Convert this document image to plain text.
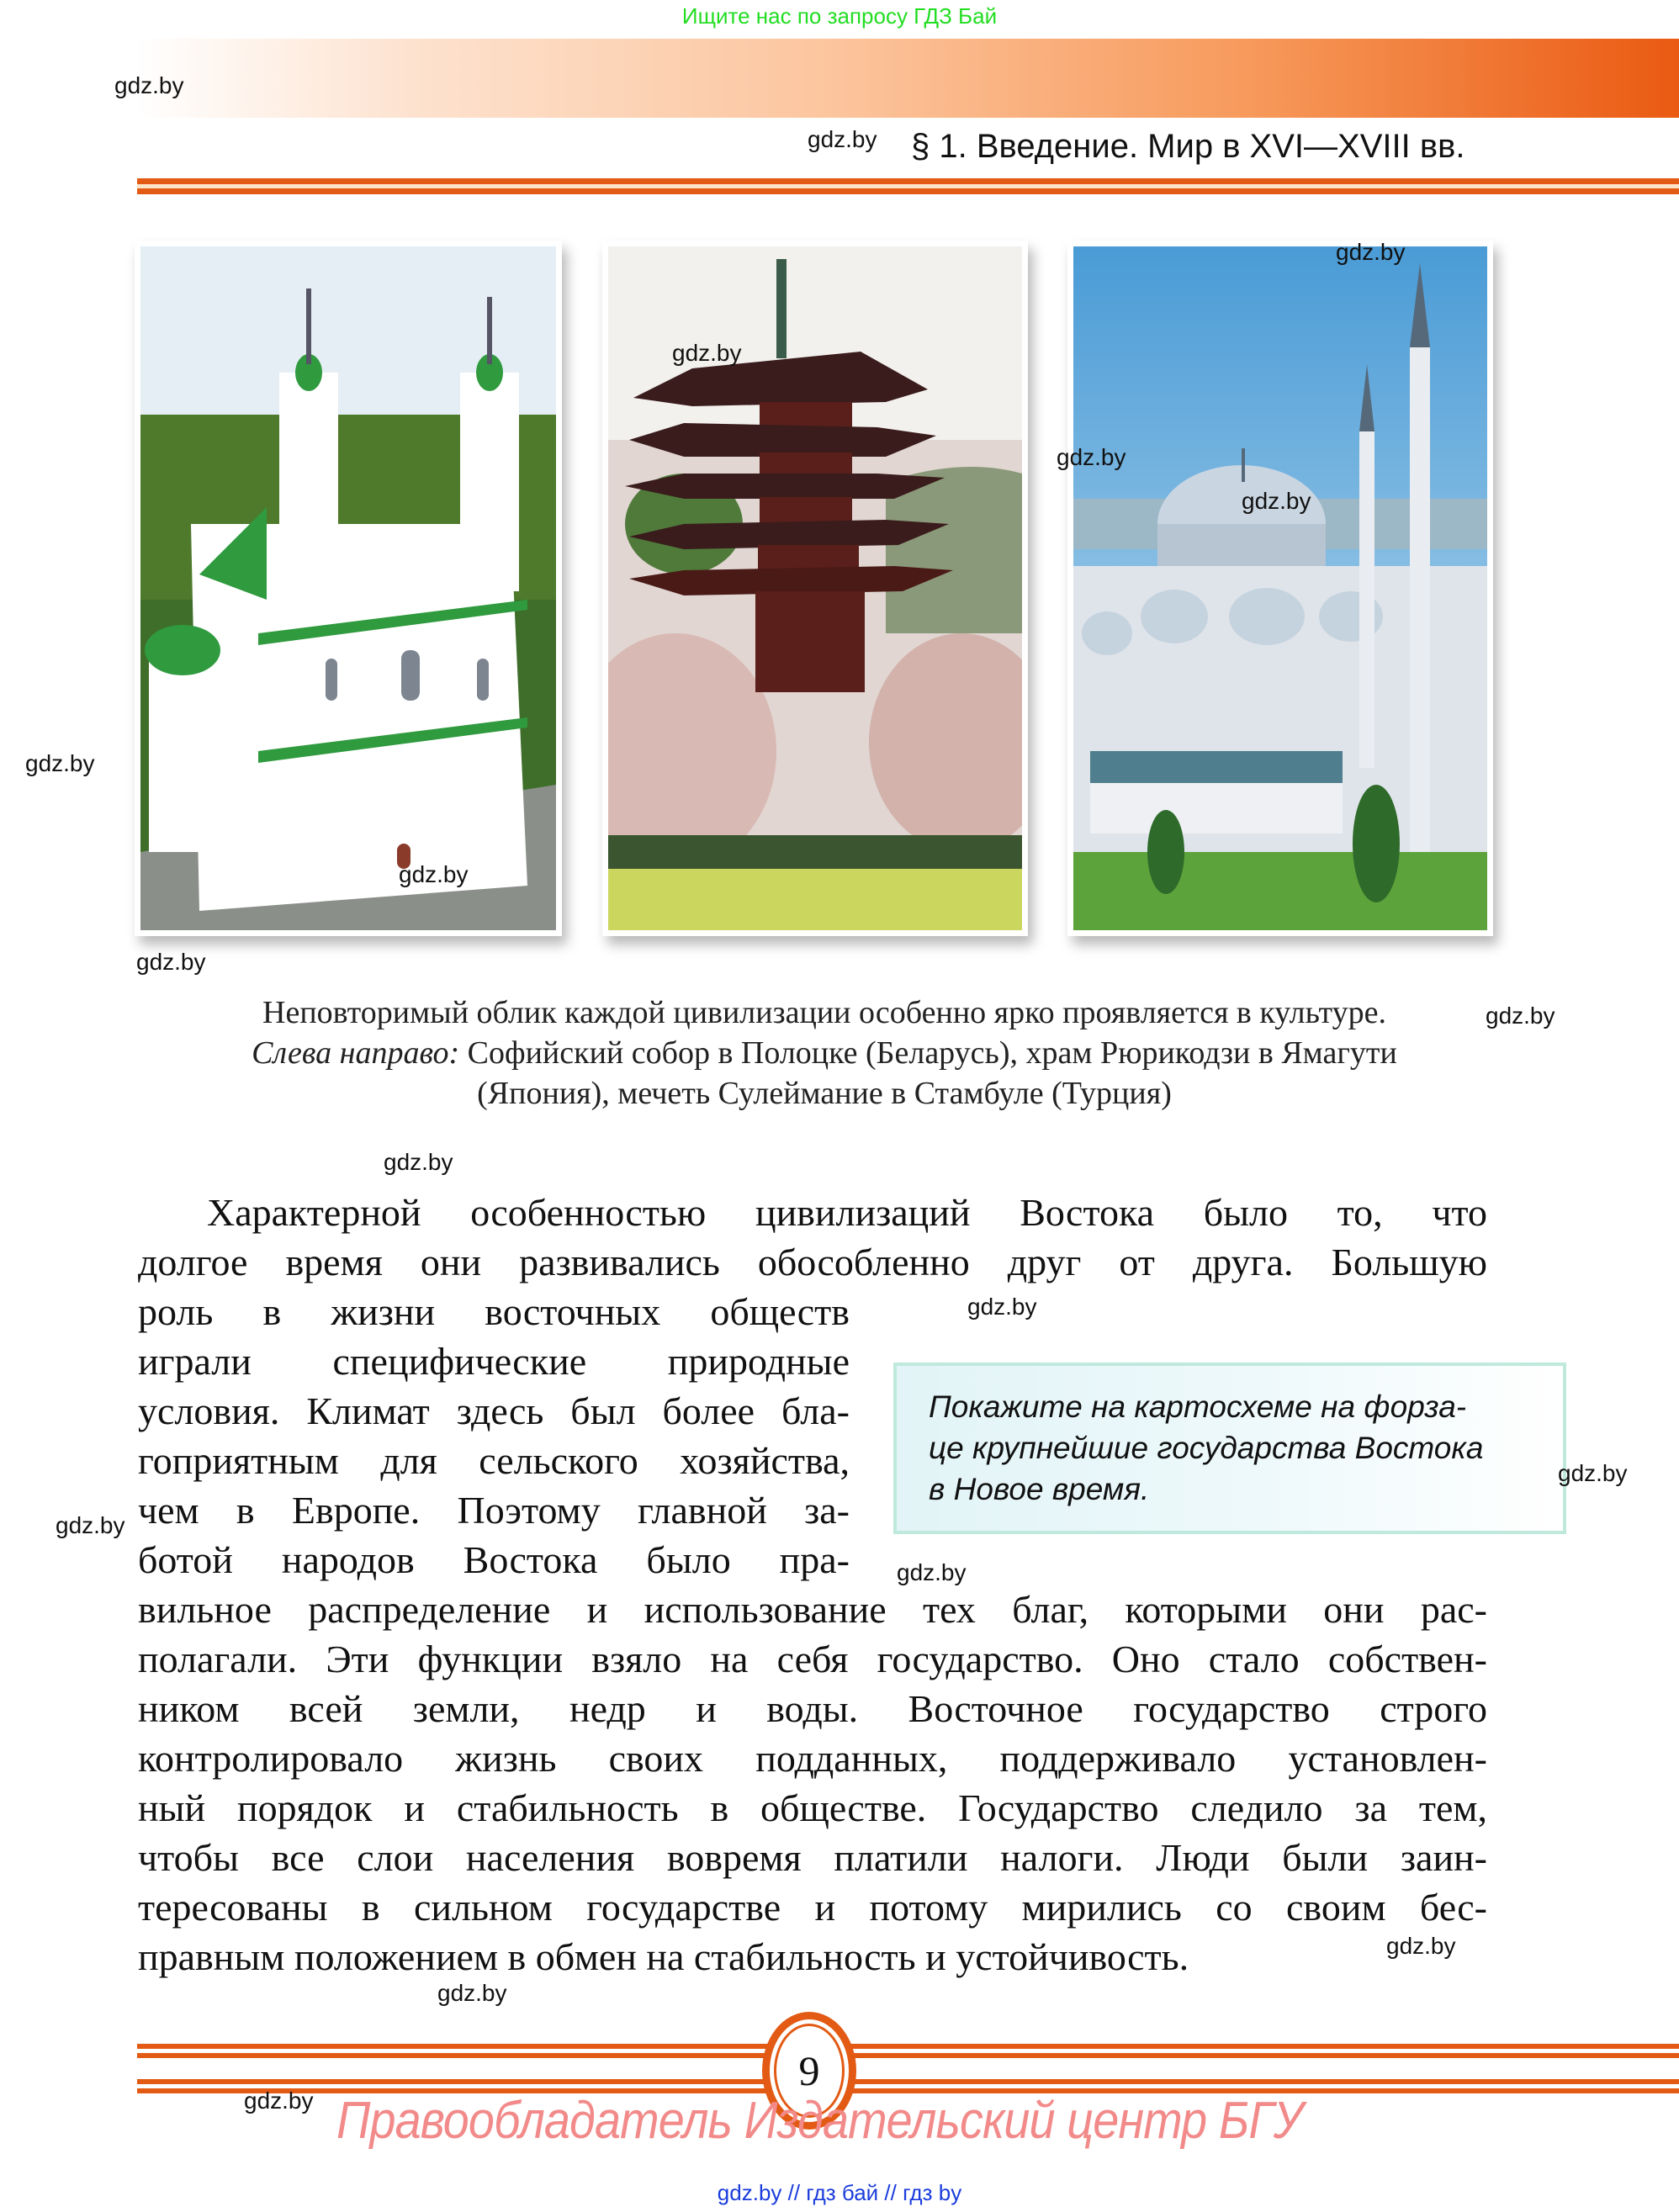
Ищите нас по запросу ГДЗ Бай
gdz.by
gdz.by § 1. Введение. Мир в XVI—XVIII вв.
gdz.by
gdz.by
gdz.by
gdz.by
gdz.by
gdz.by
gdz.by
Неповторимый облик каждой цивилизации особенно ярко проявляется в культуре.
Слева направо: Софийский собор в Полоцке (Беларусь), храм Рюрикодзи в Ямагути
(Япония), мечеть Сулеймание в Стамбуле (Турция)
gdz.by
gdz.by
Характерной особенностью цивилизаций Востока было то, что
долгое время они развивались обособленно друг от друга. Большую
роль в жизни восточных обществ
играли специфические природные
условия. Климат здесь был более бла-
гоприятным для сельского хозяйства,
чем в Европе. Поэтому главной за-
ботой народов Востока было пра-
вильное распределение и использование тех благ, которыми они рас-
полагали. Эти функции взяло на себя государство. Оно стало собствен-
ником всей земли, недр и воды. Восточное государство строго
контролировало жизнь своих подданных, поддерживало установлен-
ный порядок и стабильность в обществе. Государство следило за тем,
чтобы все слои населения вовремя платили налоги. Люди были заин-
тересованы в сильном государстве и потому мирились со своим бес-
правным положением в обмен на стабильность и устойчивость.
gdz.by
Покажите на картосхеме на форза-
це крупнейшие государства Востока
в Новое время.	gdz.by
gdz.by
gdz.by
gdz.by
gdz.by
9
gdz.by Правообладатель Издательский центр БГУ
gdz.by // гдз бай // гдз by
